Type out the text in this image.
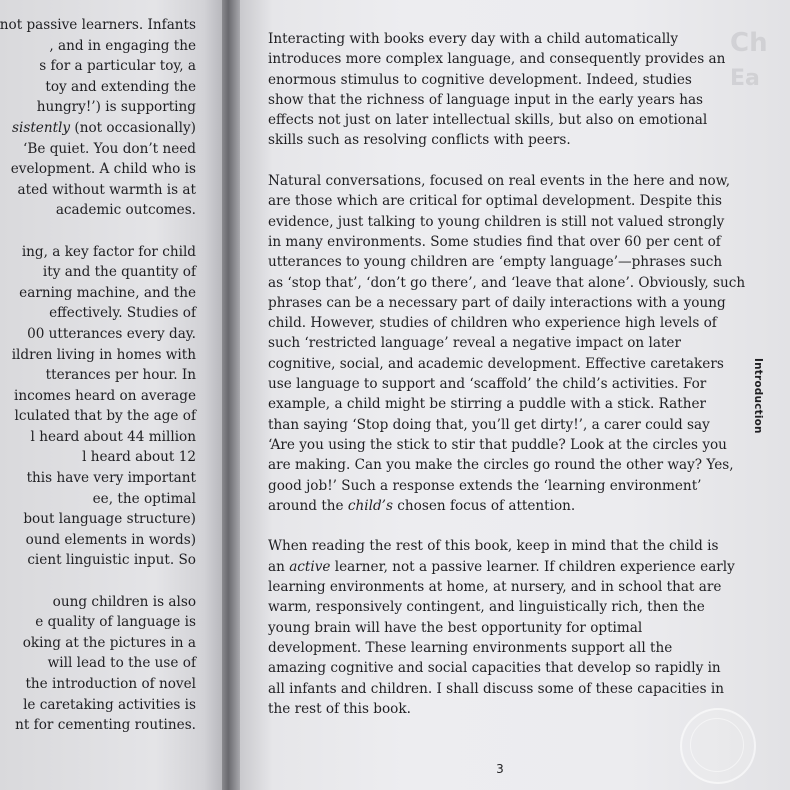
not passive learners. Infants
, and in engaging the
s for a particular toy, a
toy and extending the
hungry!’) is supporting
sistently (not occasionally)
‘Be quiet. You don’t need
evelopment. A child who is
ated without warmth is at
academic outcomes.
ing, a key factor for child
ity and the quantity of
earning machine, and the
effectively. Studies of
00 utterances every day.
ildren living in homes with
tterances per hour. In
incomes heard on average
lculated that by the age of
l heard about 44 million
l heard about 12
this have very important
ee, the optimal
bout language structure)
ound elements in words)
cient linguistic input. So
oung children is also
e quality of language is
oking at the pictures in a
will lead to the use of
the introduction of novel
le caretaking activities is
nt for cementing routines.
Ch
Ea

Interacting with books every day with a child automatically
introduces more complex language, and consequently provides an
enormous stimulus to cognitive development. Indeed, studies
show that the richness of language input in the early years has
effects not just on later intellectual skills, but also on emotional
skills such as resolving conflicts with peers.

Natural conversations, focused on real events in the here and now,
are those which are critical for optimal development. Despite this
evidence, just talking to young children is still not valued strongly
in many environments. Some studies find that over 60 per cent of
utterances to young children are ‘empty language’—phrases such
as ‘stop that’, ‘don’t go there’, and ‘leave that alone’. Obviously, such
phrases can be a necessary part of daily interactions with a young
child. However, studies of children who experience high levels of
such ‘restricted language’ reveal a negative impact on later
cognitive, social, and academic development. Effective caretakers
use language to support and ‘scaffold’ the child’s activities. For
example, a child might be stirring a puddle with a stick. Rather
than saying ‘Stop doing that, you’ll get dirty!’, a carer could say
‘Are you using the stick to stir that puddle? Look at the circles you
are making. Can you make the circles go round the other way? Yes,
good job!’ Such a response extends the ‘learning environment’
around the child’s chosen focus of attention.

When reading the rest of this book, keep in mind that the child is
an active learner, not a passive learner. If children experience early
learning environments at home, at nursery, and in school that are
warm, responsively contingent, and linguistically rich, then the
young brain will have the best opportunity for optimal
development. These learning environments support all the
amazing cognitive and social capacities that develop so rapidly in
all infants and children. I shall discuss some of these capacities in
the rest of this book.

Introduction
3
